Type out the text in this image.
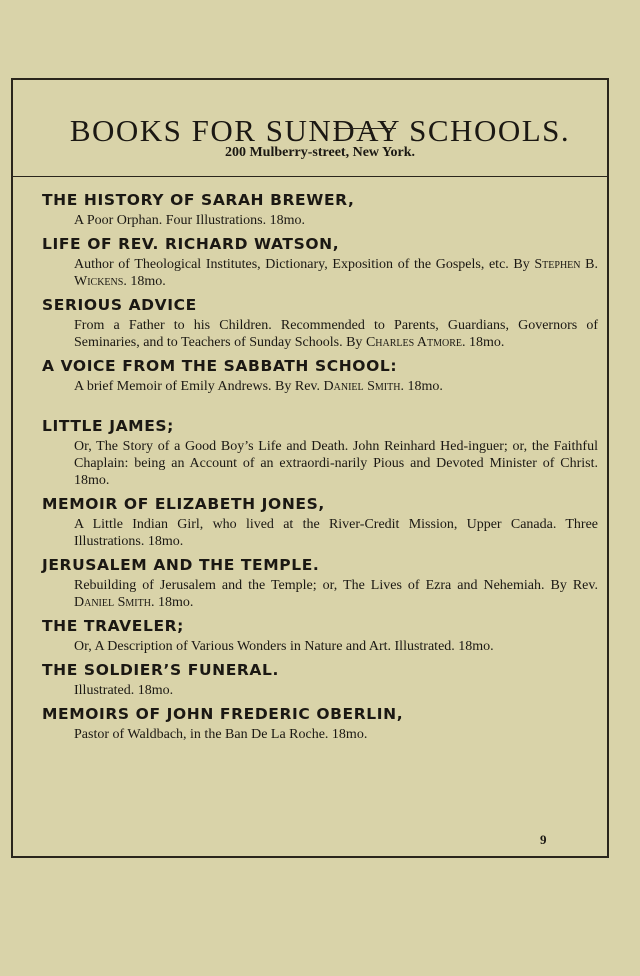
BOOKS FOR SUNDAY SCHOOLS.
200 Mulberry-street, New York.
THE HISTORY OF SARAH BREWER,
A Poor Orphan. Four Illustrations. 18mo.
LIFE OF REV. RICHARD WATSON,
Author of Theological Institutes, Dictionary, Exposition of the Gospels, etc. By Stephen B. Wickens. 18mo.
SERIOUS ADVICE
From a Father to his Children. Recommended to Parents, Guardians, Governors of Seminaries, and to Teachers of Sunday Schools. By Charles Atmore. 18mo.
A VOICE FROM THE SABBATH SCHOOL:
A brief Memoir of Emily Andrews. By Rev. Daniel Smith. 18mo.
LITTLE JAMES;
Or, The Story of a Good Boy’s Life and Death. John Reinhard Hed-inguer; or, the Faithful Chaplain: being an Account of an extraordi-narily Pious and Devoted Minister of Christ. 18mo.
MEMOIR OF ELIZABETH JONES,
A Little Indian Girl, who lived at the River-Credit Mission, Upper Canada. Three Illustrations. 18mo.
JERUSALEM AND THE TEMPLE.
Rebuilding of Jerusalem and the Temple; or, The Lives of Ezra and Nehemiah. By Rev. Daniel Smith. 18mo.
THE TRAVELER;
Or, A Description of Various Wonders in Nature and Art. Illustrated. 18mo.
THE SOLDIER’S FUNERAL.
Illustrated. 18mo.
MEMOIRS OF JOHN FREDERIC OBERLIN,
Pastor of Waldbach, in the Ban De La Roche. 18mo.
9
